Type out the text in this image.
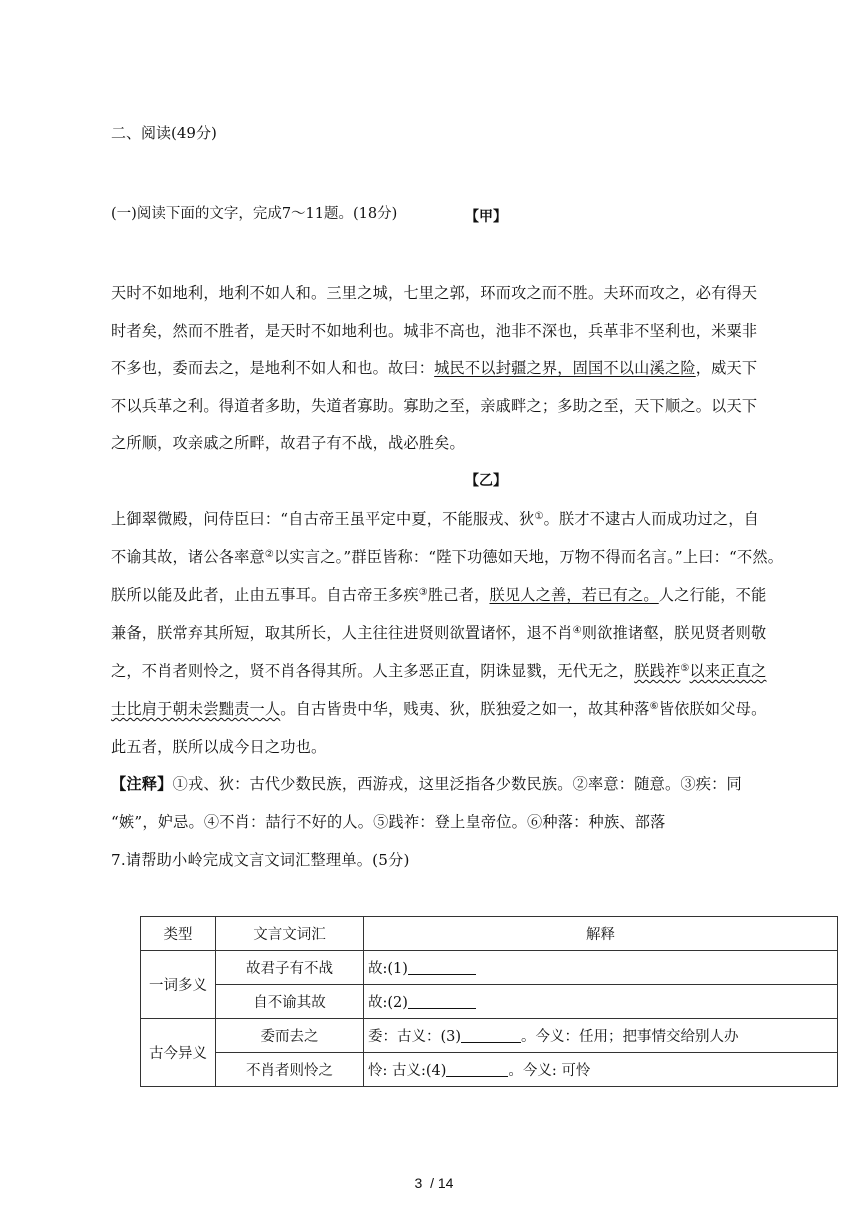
二、阅读(49分)
(一)阅读下面的文字，完成7～11题。(18分)	【甲】
天时不如地利，地利不如人和。三里之城，七里之郭，环而攻之而不胜。夫环而攻之，必有得天
时者矣，然而不胜者，是天时不如地利也。城非不高也，池非不深也，兵革非不坚利也，米粟非
不多也，委而去之，是地利不如人和也。故曰：城民不以封疆之界，固国不以山溪之险，威天下
不以兵革之利。得道者多助，失道者寡助。寡助之至，亲戚畔之；多助之至，天下顺之。以天下
之所顺，攻亲戚之所畔，故君子有不战，战必胜矣。
【乙】
上御翠微殿，问侍臣曰：“自古帝王虽平定中夏，不能服戎、狄①。朕才不逮古人而成功过之，自
不谕其故，诸公各率意②以实言之。”群臣皆称：“陛下功德如天地，万物不得而名言。”上曰：“不然。
朕所以能及此者，止由五事耳。自古帝王多疾③胜己者，朕见人之善，若已有之。人之行能，不能
兼备，朕常弃其所短，取其所长，人主往往进贤则欲置诸怀，退不肖④则欲推诸壑，朕见贤者则敬
之，不肖者则怜之，贤不肖各得其所。人主多恶正直，阴诛显戮，无代无之，朕践祚⑤以来正直之
士比肩于朝未尝黜责一人。自古皆贵中华，贱夷、狄，朕独爱之如一，故其种落⑥皆依朕如父母。
此五者，朕所以成今日之功也。
【注释】①戎、狄：古代少数民族，西游戎，这里泛指各少数民族。②率意：随意。③疾：同
“嫉”，妒忌。④不肖：喆行不好的人。⑤践祚：登上皇帝位。⑥种落：种族、部落
7.请帮助小岭完成文言文词汇整理单。(5分)
类型	文言文词汇	解释
一词多义	故君子有不战	故:(1)
	自不谕其故	故:(2)
古今异义	委而去之	委：古义：(3) 。今义：任用；把事情交给别人办
	不肖者则怜之	怜: 古义:(4) 。今义: 可怜
3  / 14
